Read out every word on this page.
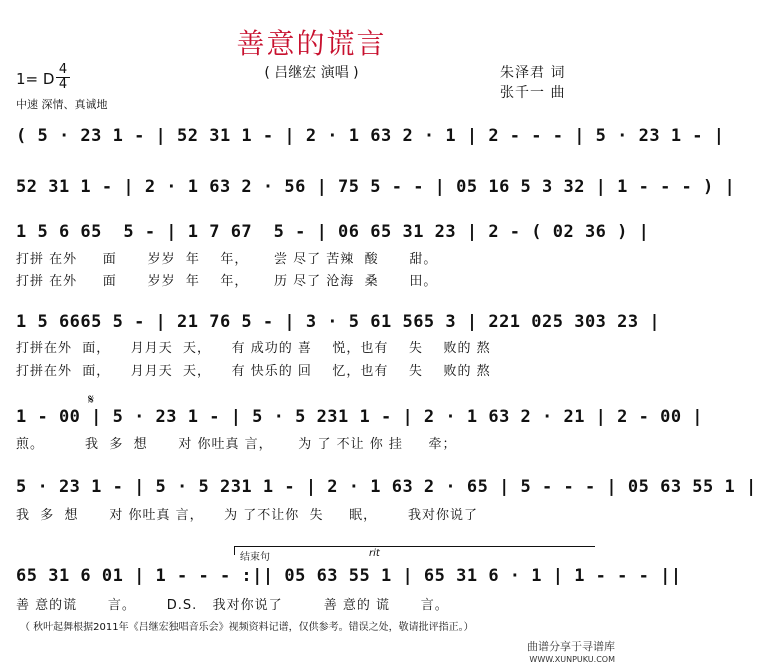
善意的谎言
( 吕继宏 演唱 )	朱泽君 词
张千一 曲
1= D
4
4
中速 深情、真诚地
( 5 · 23 1 - | 52 31 1 - | 2 · 1 63 2 · 1 | 2 - - - | 5 · 23 1 - |
52 31 1 - | 2 · 1 63 2 · 56 | 75 5 - - | 05 16 5 3 32 | 1 - - - ) |
1 5 6 65  5 - | 1 7 67  5 - | 06 65 31 23 | 2 - ( 02 36 ) |
打拼 在外     面      岁岁  年    年，     尝 尽了 苦辣  酸      甜。
打拼 在外     面      岁岁  年    年，     历 尽了 沧海  桑      田。
1 5 6665 5 - | 21 76 5 - | 3 · 5 61 565 3 | 221 025 303 23 |
打拼在外  面，    月月天  天，    有 成功的 喜    悦，也有    失    败的 熬
打拼在外  面，    月月天  天，    有 快乐的 回    忆，也有    失    败的 熬
𝄋
1 - 00 | 5 · 23 1 - | 5 · 5 231 1 - | 2 · 1 63 2 · 21 | 2 - 00 |
煎。        我  多  想      对 你吐真 言，     为 了 不让 你 挂     牵；
5 · 23 1 - | 5 · 5 231 1 - | 2 · 1 63 2 · 65 | 5 - - - | 05 63 55 1 |
我  多  想      对 你吐真 言，    为 了不让你  失     眠，      我对你说了
结束句	rit
65 31 6 01 | 1 - - - :|| 05 63 55 1 | 65 31 6 · 1 | 1 - - - ||
善 意的谎      言。      D.S.   我对你说了        善 意的 谎      言。
（ 秋叶起舞根据2011年《吕继宏独唱音乐会》视频资料记谱，仅供参考。错误之处，敬请批评指正。）
曲谱分享于寻谱库
WWW.XUNPUKU.COM
